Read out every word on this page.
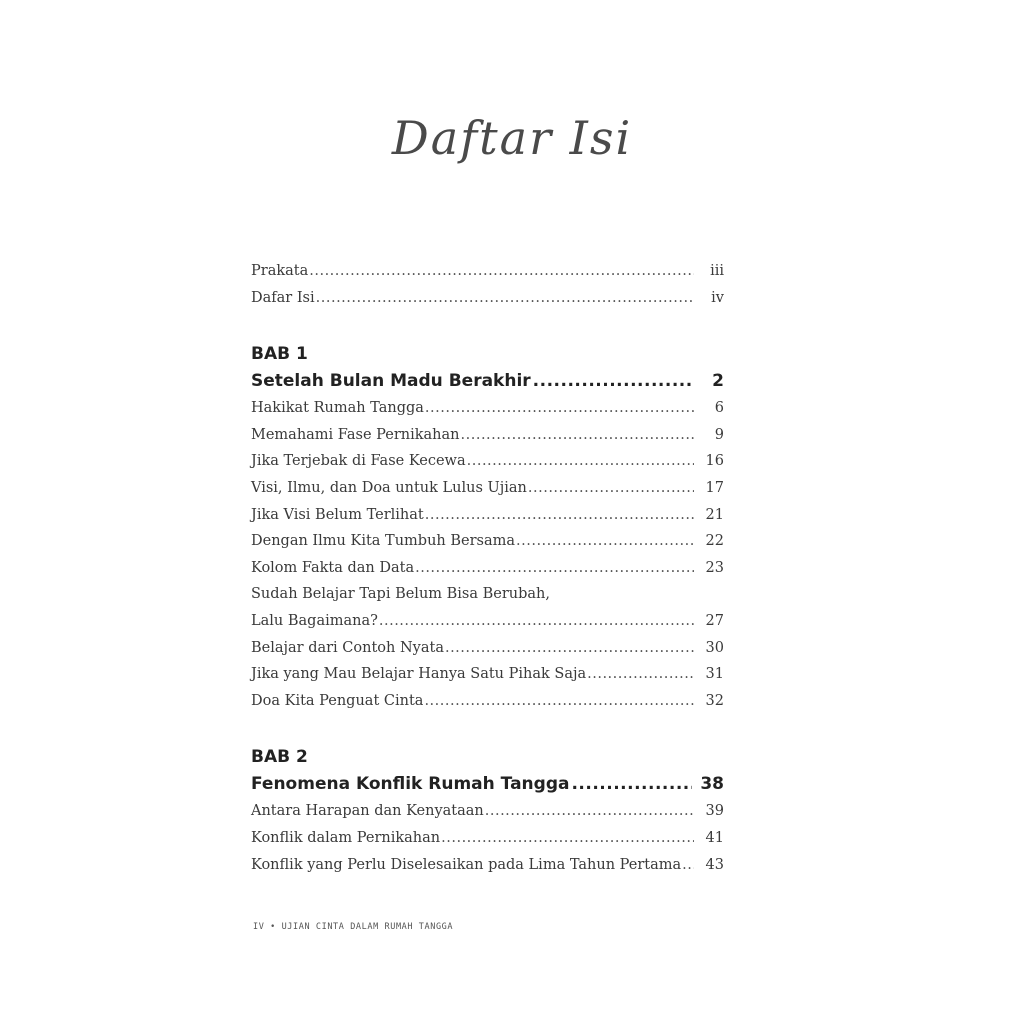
Daftar Isi
Prakata .....	iii
Dafar Isi .....	iv
BAB 1
Setelah Bulan Madu Berakhir .....	2
Hakikat Rumah Tangga .....	6
Memahami Fase Pernikahan .....	9
Jika Terjebak di Fase Kecewa .....	16
Visi, Ilmu, dan Doa untuk Lulus Ujian .....	17
Jika Visi Belum Terlihat .....	21
Dengan Ilmu Kita Tumbuh Bersama .....	22
Kolom Fakta dan Data .....	23
Sudah Belajar Tapi Belum Bisa Berubah,
Lalu Bagaimana? .....	27
Belajar dari Contoh Nyata .....	30
Jika yang Mau Belajar Hanya Satu Pihak Saja .....	31
Doa Kita Penguat Cinta .....	32
BAB 2
Fenomena Konflik Rumah Tangga .....	38
Antara Harapan dan Kenyataan .....	39
Konflik dalam Pernikahan .....	41
Konflik yang Perlu Diselesaikan pada Lima Tahun Pertama .....	43
IV • UJIAN CINTA DALAM RUMAH TANGGA
